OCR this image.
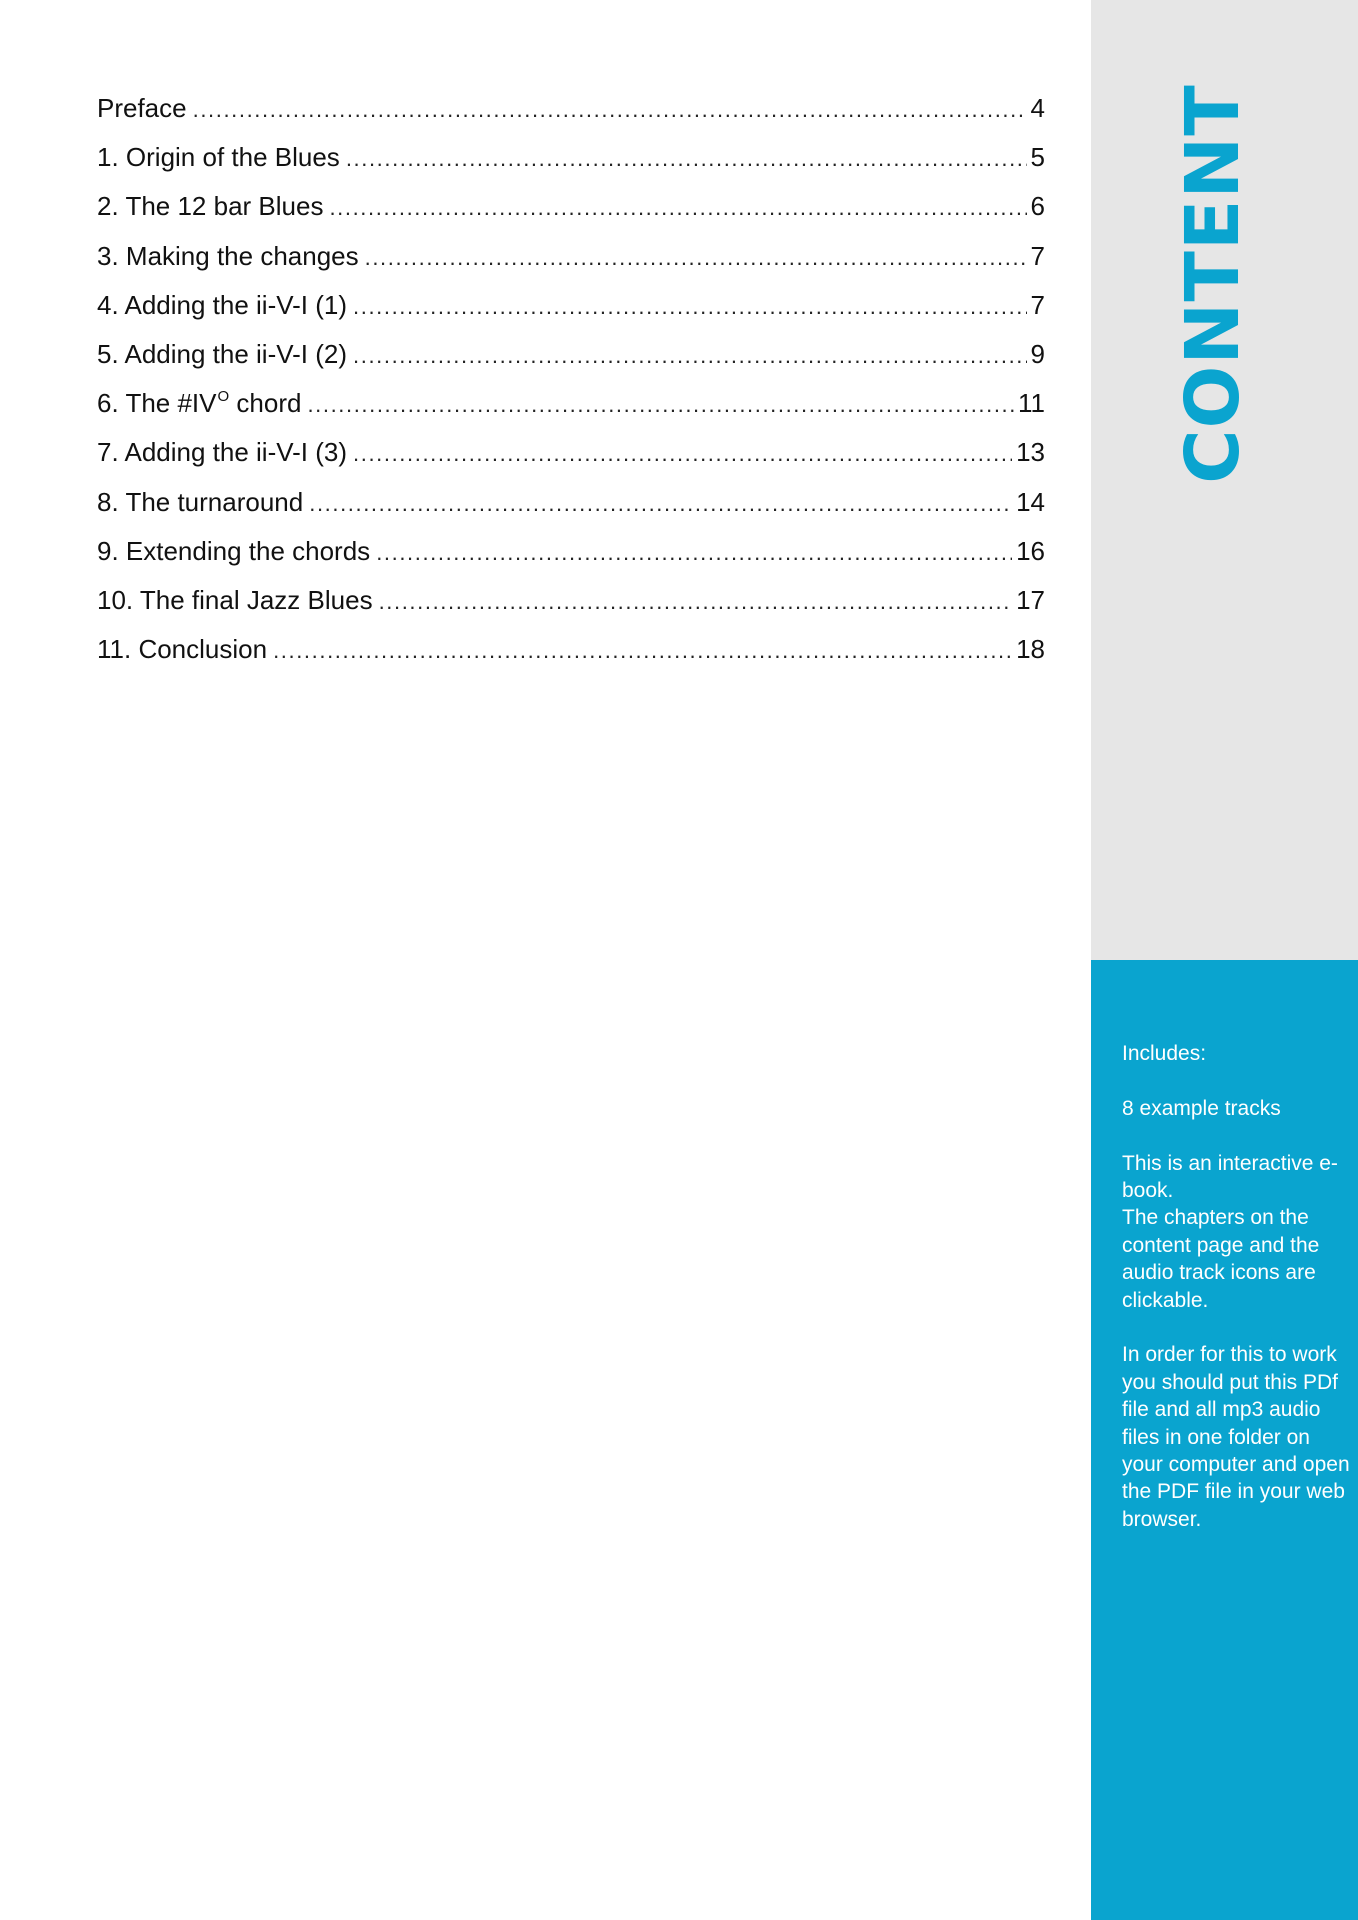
Preface .....	4
1. Origin of the Blues .....	5
2. The 12 bar Blues .....	6
3. Making the changes .....	7
4. Adding the ii-V-I (1) .....	7
5. Adding the ii-V-I (2) .....	9
6. The $\#IV^O$ chord .....	11
7. Adding the ii-V-I (3) .....	13
8. The turnaround .....	14
9. Extending the chords .....	16
10. The final Jazz Blues .....	17
11. Conclusion .....	18
CONTENT

Includes:

8 example tracks

This is an interactive e-book.
The chapters on the content page and the audio track icons are clickable.

In order for this to work you should put this PDf file and all mp3 audio files in one folder on your computer and open the PDF file in your web browser.
